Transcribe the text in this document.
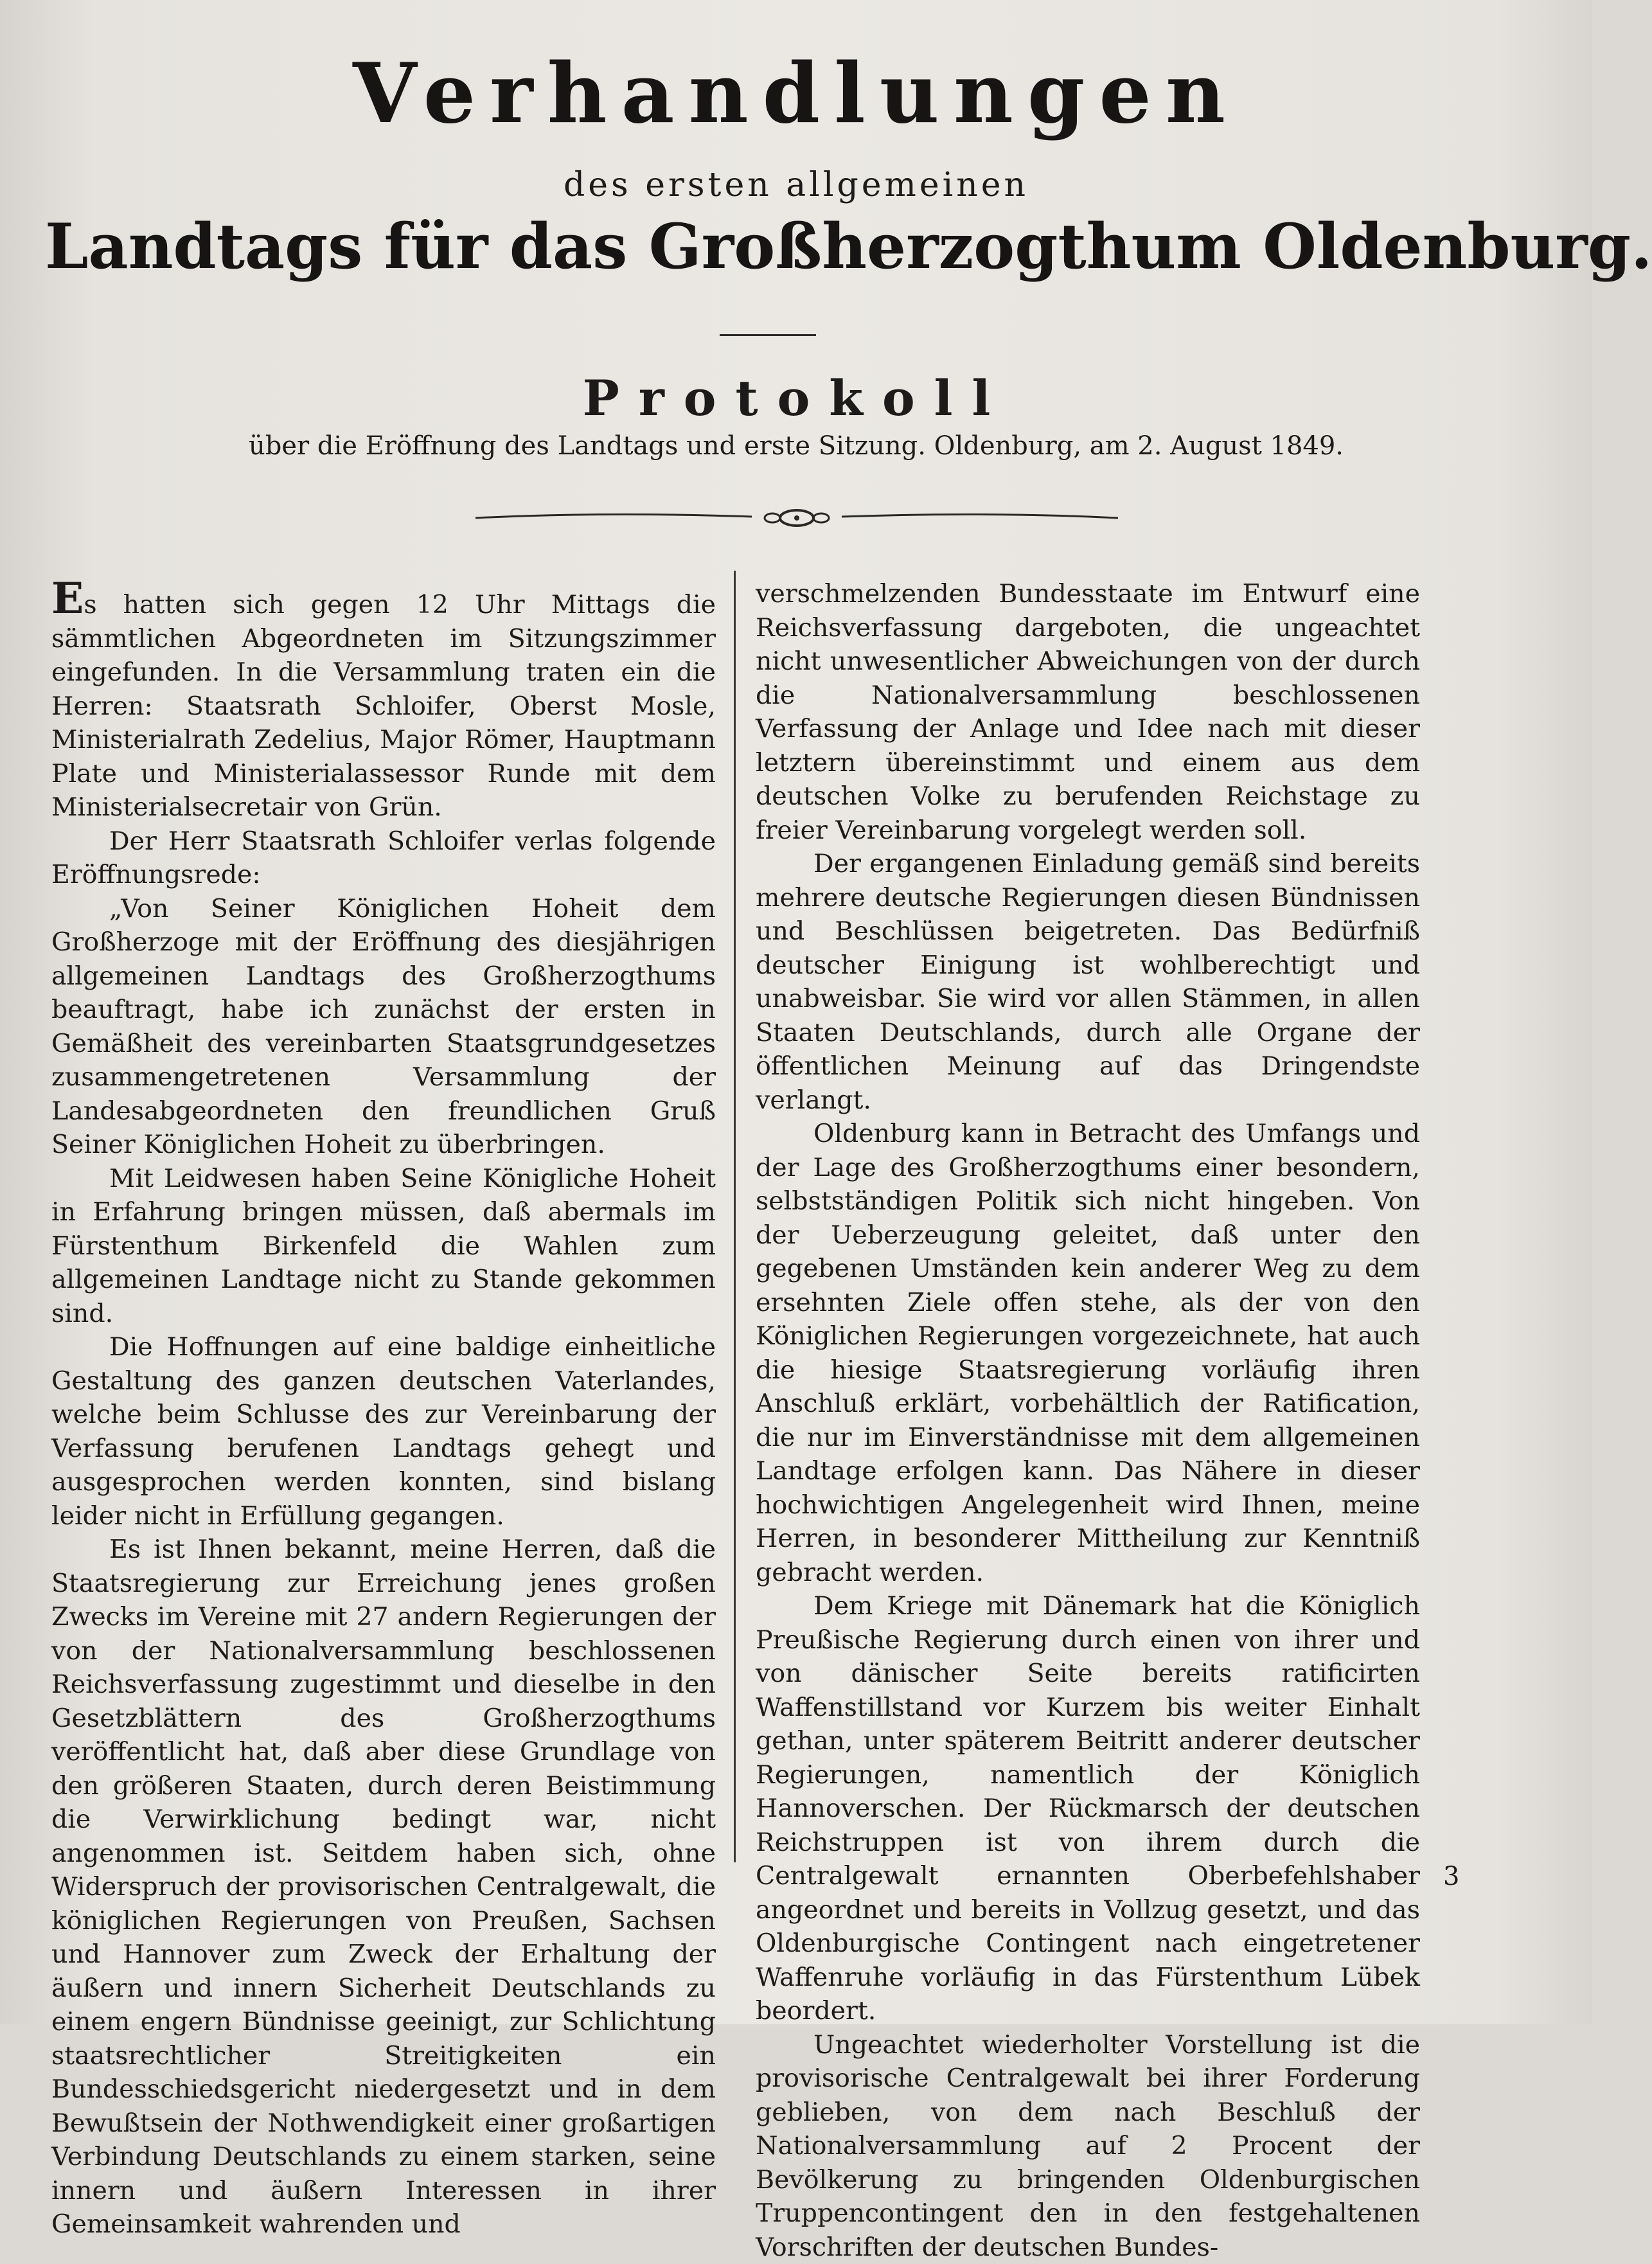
Verhandlungen
des ersten allgemeinen
Landtags für das Großherzogthum Oldenburg.
Protokoll
über die Eröffnung des Landtags und erste Sitzung. Oldenburg, am 2. August 1849.

Es hatten sich gegen 12 Uhr Mittags die sämmtlichen Abgeordneten im Sitzungszimmer eingefunden. In die Versammlung traten ein die Herren: Staatsrath Schloifer, Oberst Mosle, Ministerialrath Zedelius, Major Römer, Hauptmann Plate und Ministerialassessor Runde mit dem Ministerialsecretair von Grün.

Der Herr Staatsrath Schloifer verlas folgende Eröffnungsrede:

„Von Seiner Königlichen Hoheit dem Großherzoge mit der Eröffnung des diesjährigen allgemeinen Landtags des Großherzogthums beauftragt, habe ich zunächst der ersten in Gemäßheit des vereinbarten Staatsgrundgesetzes zusammengetretenen Versammlung der Landesabgeordneten den freundlichen Gruß Seiner Königlichen Hoheit zu überbringen.

Mit Leidwesen haben Seine Königliche Hoheit in Erfahrung bringen müssen, daß abermals im Fürstenthum Birkenfeld die Wahlen zum allgemeinen Landtage nicht zu Stande gekommen sind.

Die Hoffnungen auf eine baldige einheitliche Gestaltung des ganzen deutschen Vaterlandes, welche beim Schlusse des zur Vereinbarung der Verfassung berufenen Landtags gehegt und ausgesprochen werden konnten, sind bislang leider nicht in Erfüllung gegangen.

Es ist Ihnen bekannt, meine Herren, daß die Staatsregierung zur Erreichung jenes großen Zwecks im Vereine mit 27 andern Regierungen der von der Nationalversammlung beschlossenen Reichsverfassung zugestimmt und dieselbe in den Gesetzblättern des Großherzogthums veröffentlicht hat, daß aber diese Grundlage von den größeren Staaten, durch deren Beistimmung die Verwirklichung bedingt war, nicht angenommen ist. Seitdem haben sich, ohne Widerspruch der provisorischen Centralgewalt, die königlichen Regierungen von Preußen, Sachsen und Hannover zum Zweck der Erhaltung der äußern und innern Sicherheit Deutschlands zu einem engern Bündnisse geeinigt, zur Schlichtung staatsrechtlicher Streitigkeiten ein Bundesschiedsgericht niedergesetzt und in dem Bewußtsein der Nothwendigkeit einer großartigen Verbindung Deutschlands zu einem starken, seine innern und äußern Interessen in ihrer Gemeinsamkeit wahrenden und

verschmelzenden Bundesstaate im Entwurf eine Reichsverfassung dargeboten, die ungeachtet nicht unwesentlicher Abweichungen von der durch die Nationalversammlung beschlossenen Verfassung der Anlage und Idee nach mit dieser letztern übereinstimmt und einem aus dem deutschen Volke zu berufenden Reichstage zu freier Vereinbarung vorgelegt werden soll.

Der ergangenen Einladung gemäß sind bereits mehrere deutsche Regierungen diesen Bündnissen und Beschlüssen beigetreten. Das Bedürfniß deutscher Einigung ist wohlberechtigt und unabweisbar. Sie wird vor allen Stämmen, in allen Staaten Deutschlands, durch alle Organe der öffentlichen Meinung auf das Dringendste verlangt.

Oldenburg kann in Betracht des Umfangs und der Lage des Großherzogthums einer besondern, selbstständigen Politik sich nicht hingeben. Von der Ueberzeugung geleitet, daß unter den gegebenen Umständen kein anderer Weg zu dem ersehnten Ziele offen stehe, als der von den Königlichen Regierungen vorgezeichnete, hat auch die hiesige Staatsregierung vorläufig ihren Anschluß erklärt, vorbehältlich der Ratification, die nur im Einverständnisse mit dem allgemeinen Landtage erfolgen kann. Das Nähere in dieser hochwichtigen Angelegenheit wird Ihnen, meine Herren, in besonderer Mittheilung zur Kenntniß gebracht werden.

Dem Kriege mit Dänemark hat die Königlich Preußische Regierung durch einen von ihrer und von dänischer Seite bereits ratificirten Waffenstillstand vor Kurzem bis weiter Einhalt gethan, unter späterem Beitritt anderer deutscher Regierungen, namentlich der Königlich Hannoverschen. Der Rückmarsch der deutschen Reichstruppen ist von ihrem durch die Centralgewalt ernannten Oberbefehlshaber angeordnet und bereits in Vollzug gesetzt, und das Oldenburgische Contingent nach eingetretener Waffenruhe vorläufig in das Fürstenthum Lübek beordert.

Ungeachtet wiederholter Vorstellung ist die provisorische Centralgewalt bei ihrer Forderung geblieben, von dem nach Beschluß der Nationalversammlung auf 2 Procent der Bevölkerung zu bringenden Oldenburgischen Truppencontingent den in den festgehaltenen Vorschriften der deutschen Bundes-

3
